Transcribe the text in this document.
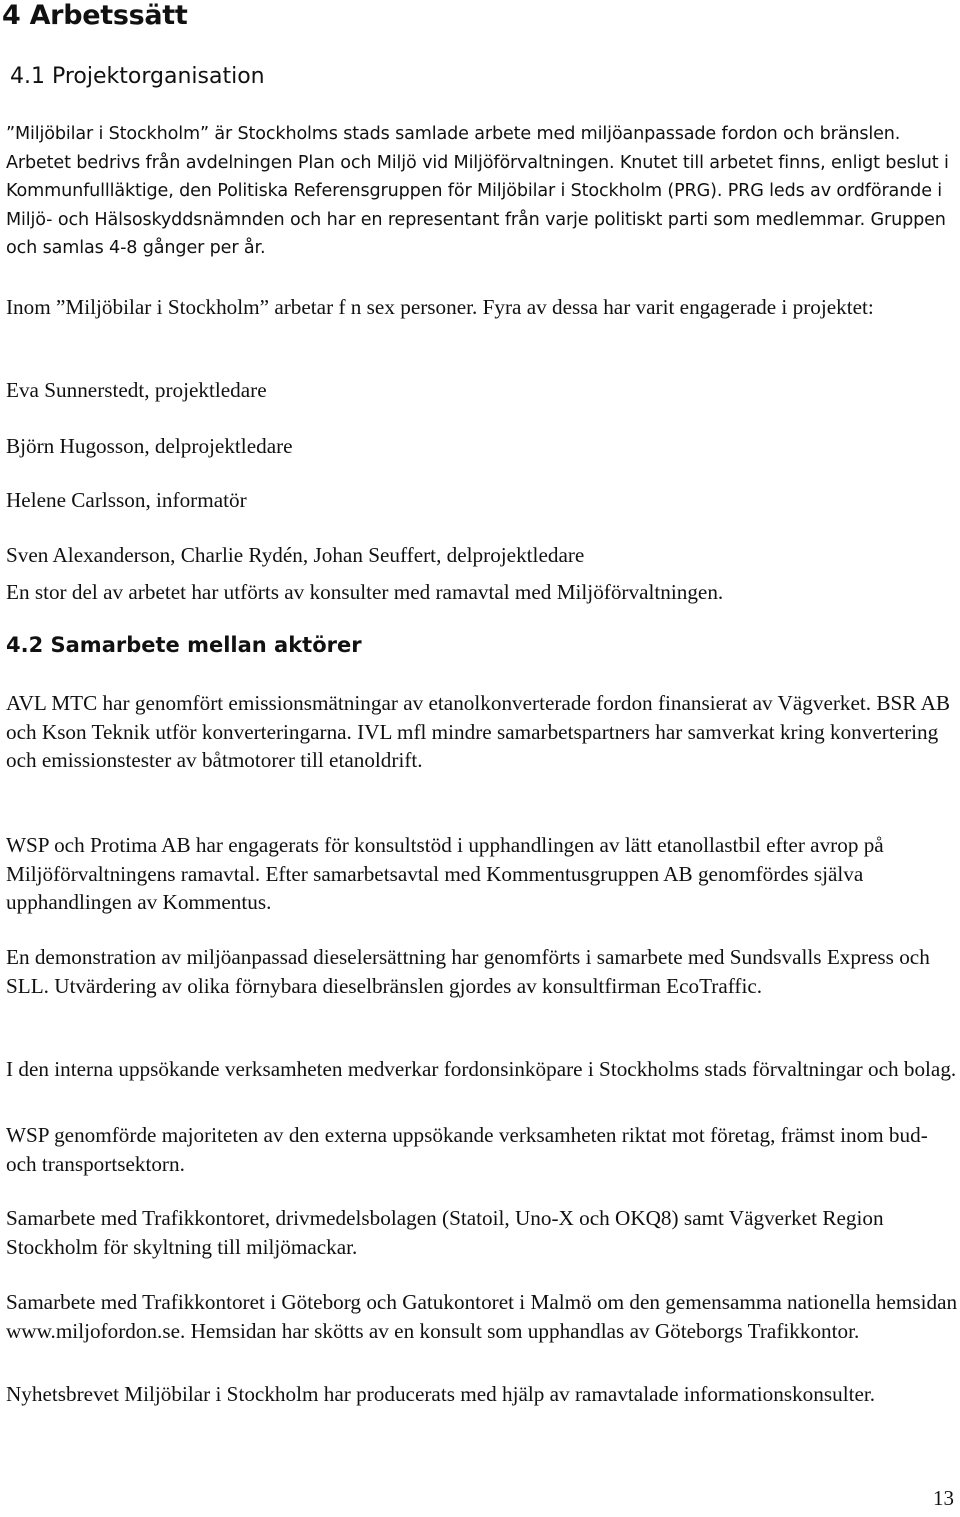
4 Arbetssätt
4.1 Projektorganisation

”Miljöbilar i Stockholm” är Stockholms stads samlade arbete med miljöanpassade fordon och bränslen. Arbetet bedrivs från avdelningen Plan och Miljö vid Miljöförvaltningen. Knutet till arbetet finns, enligt beslut i Kommunfullläktige, den Politiska Referensgruppen för Miljöbilar i Stockholm (PRG). PRG leds av ordförande i Miljö- och Hälsoskyddsnämnden och har en representant från varje politiskt parti som medlemmar. Gruppen och samlas 4-8 gånger per år.

Inom ”Miljöbilar i Stockholm” arbetar f n sex personer. Fyra av dessa har varit engagerade i projektet:

Eva Sunnerstedt, projektledare

Björn Hugosson, delprojektledare

Helene Carlsson, informatör

Sven Alexanderson, Charlie Rydén, Johan Seuffert, delprojektledare

En stor del av arbetet har utförts av konsulter med ramavtal med Miljöförvaltningen.

4.2 Samarbete mellan aktörer

AVL MTC har genomfört emissionsmätningar av etanolkonverterade fordon finansierat av Vägverket. BSR AB och Kson Teknik utför konverteringarna. IVL mfl mindre samarbetspartners har samverkat kring konvertering och emissionstester av båtmotorer till etanoldrift.

WSP och Protima AB har engagerats för konsultstöd i upphandlingen av lätt etanollastbil efter avrop på Miljöförvaltningens ramavtal. Efter samarbetsavtal med Kommentusgruppen AB genomfördes själva upphandlingen av Kommentus.

En demonstration av miljöanpassad dieselersättning har genomförts i samarbete med Sundsvalls Express och SLL. Utvärdering av olika förnybara dieselbränslen gjordes av konsultfirman EcoTraffic.

I den interna uppsökande verksamheten medverkar fordonsinköpare i Stockholms stads förvaltningar och bolag.

WSP genomförde majoriteten av den externa uppsökande verksamheten riktat mot företag, främst inom bud- och transportsektorn.

Samarbete med Trafikkontoret, drivmedelsbolagen (Statoil, Uno-X och OKQ8) samt Vägverket Region Stockholm för skyltning till miljömackar.

Samarbete med Trafikkontoret i Göteborg och Gatukontoret i Malmö om den gemensamma nationella hemsidan www.miljofordon.se. Hemsidan har skötts av en konsult som upphandlas av Göteborgs Trafikkontor.

Nyhetsbrevet Miljöbilar i Stockholm har producerats med hjälp av ramavtalade informationskonsulter.

13
